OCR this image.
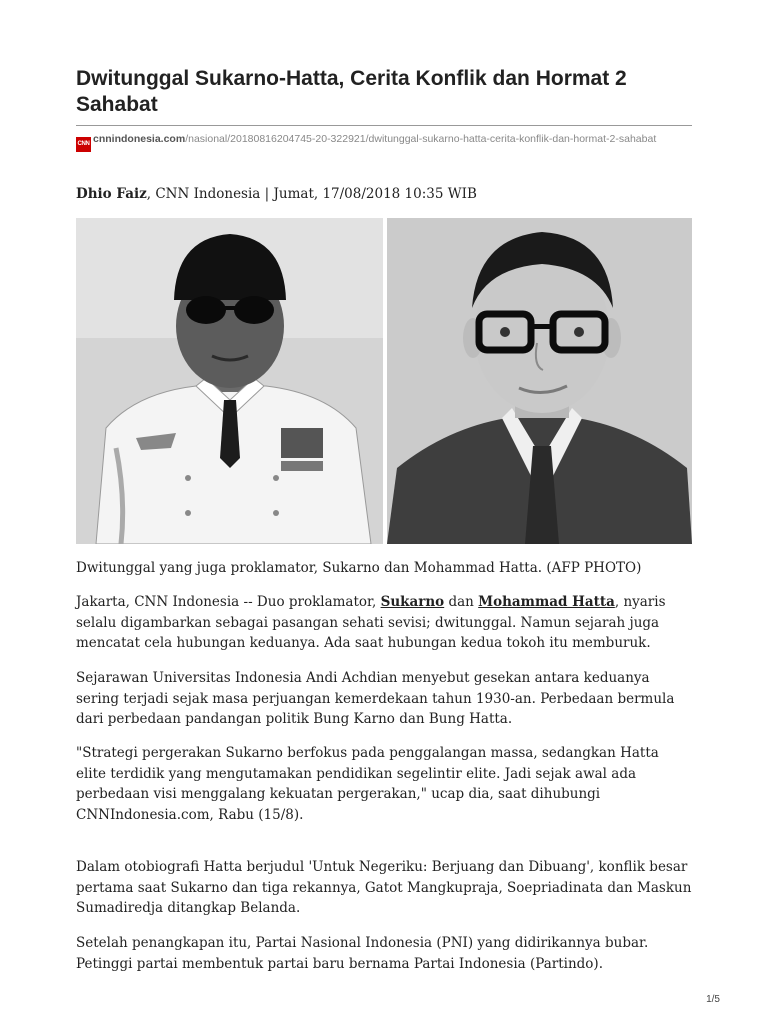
Dwitunggal Sukarno-Hatta, Cerita Konflik dan Hormat 2 Sahabat
CNN cnnindonesia.com/nasional/20180816204745-20-322921/dwitunggal-sukarno-hatta-cerita-konflik-dan-hormat-2-sahabat
Dhio Faiz, CNN Indonesia | Jumat, 17/08/2018 10:35 WIB

Dwitunggal yang juga proklamator, Sukarno dan Mohammad Hatta. (AFP PHOTO)

Jakarta, CNN Indonesia -- Duo proklamator, Sukarno dan Mohammad Hatta, nyaris selalu digambarkan sebagai pasangan sehati sevisi; dwitunggal. Namun sejarah juga mencatat cela hubungan keduanya. Ada saat hubungan kedua tokoh itu memburuk.

Sejarawan Universitas Indonesia Andi Achdian menyebut gesekan antara keduanya sering terjadi sejak masa perjuangan kemerdekaan tahun 1930-an. Perbedaan bermula dari perbedaan pandangan politik Bung Karno dan Bung Hatta.

"Strategi pergerakan Sukarno berfokus pada penggalangan massa, sedangkan Hatta elite terdidik yang mengutamakan pendidikan segelintir elite. Jadi sejak awal ada perbedaan visi menggalang kekuatan pergerakan," ucap dia, saat dihubungi CNNIndonesia.com, Rabu (15/8).

Dalam otobiografi Hatta berjudul 'Untuk Negeriku: Berjuang dan Dibuang', konflik besar pertama saat Sukarno dan tiga rekannya, Gatot Mangkupraja, Soepriadinata dan Maskun Sumadiredja ditangkap Belanda.

Setelah penangkapan itu, Partai Nasional Indonesia (PNI) yang didirikannya bubar. Petinggi partai membentuk partai baru bernama Partai Indonesia (Partindo).

1/5
